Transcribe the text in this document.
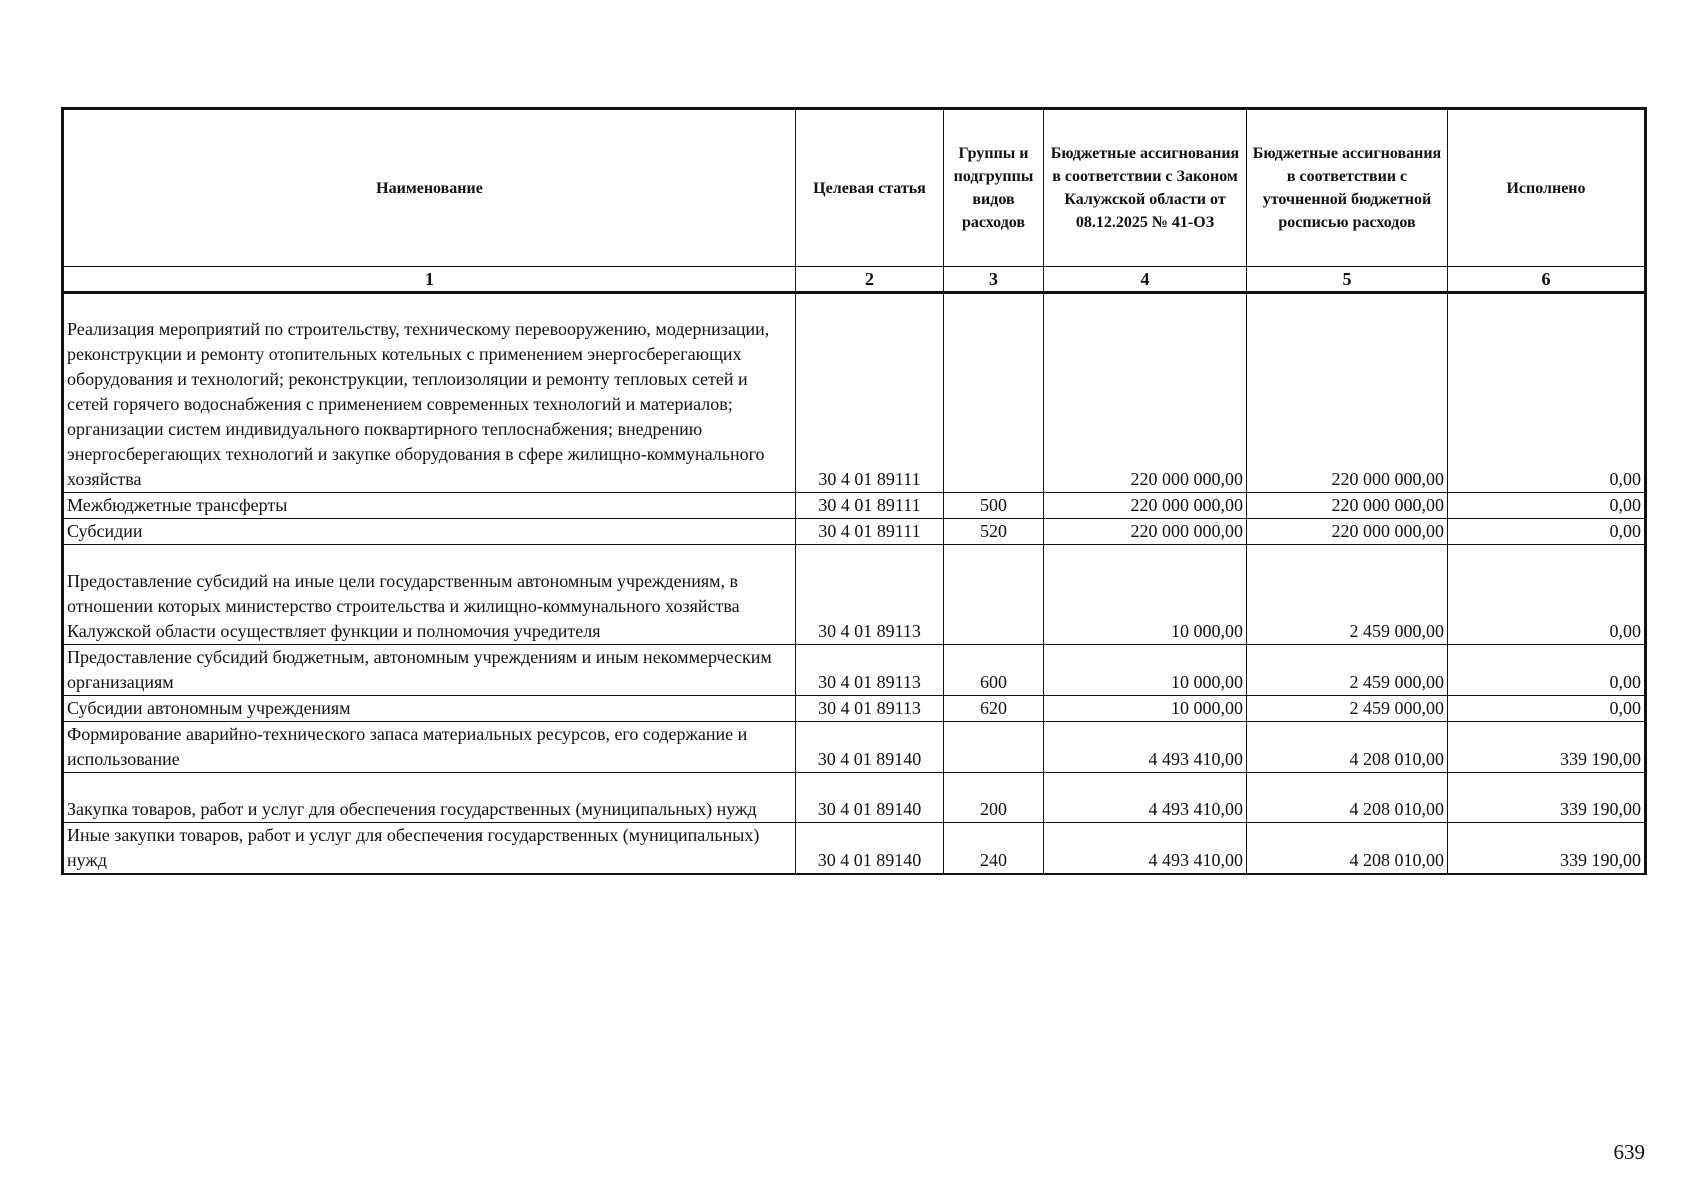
Наименование	Целевая статья	Группы и подгруппы видов расходов	Бюджетные ассигнования в соответствии с Законом Калужской области от 08.12.2025 № 41-ОЗ	Бюджетные ассигнования в соответствии с уточненной бюджетной росписью расходов	Исполнено
1	2	3	4	5	6
Реализация мероприятий по строительству, техническому перевооружению, модернизации, реконструкции и ремонту отопительных котельных с применением энергосберегающих оборудования и технологий; реконструкции, теплоизоляции и ремонту тепловых сетей и сетей горячего водоснабжения с применением современных технологий и материалов; организации систем индивидуального поквартирного теплоснабжения; внедрению энергосберегающих технологий и закупке оборудования в сфере жилищно-коммунального хозяйства	30 4 01 89111		220 000 000,00	220 000 000,00	0,00
Межбюджетные трансферты	30 4 01 89111	500	220 000 000,00	220 000 000,00	0,00
Субсидии	30 4 01 89111	520	220 000 000,00	220 000 000,00	0,00
Предоставление субсидий на иные цели государственным автономным учреждениям, в отношении которых министерство строительства и жилищно-коммунального хозяйства Калужской области осуществляет функции и полномочия учредителя	30 4 01 89113		10 000,00	2 459 000,00	0,00
Предоставление субсидий бюджетным, автономным учреждениям и иным некоммерческим организациям	30 4 01 89113	600	10 000,00	2 459 000,00	0,00
Субсидии автономным учреждениям	30 4 01 89113	620	10 000,00	2 459 000,00	0,00
Формирование аварийно-технического запаса материальных ресурсов, его содержание и использование	30 4 01 89140		4 493 410,00	4 208 010,00	339 190,00
Закупка товаров, работ и услуг для обеспечения государственных (муниципальных) нужд	30 4 01 89140	200	4 493 410,00	4 208 010,00	339 190,00
Иные закупки товаров, работ и услуг для обеспечения государственных (муниципальных) нужд	30 4 01 89140	240	4 493 410,00	4 208 010,00	339 190,00
639
